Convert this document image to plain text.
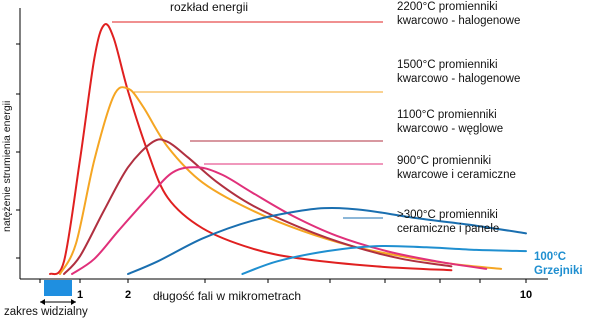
1	2	10
rozkład energii
natężenie strumienia energii
długość fali w mikrometrach
zakres widzialny
2200°C promienniki
kwarcowo - halogenowe
1500°C promienniki
kwarcowo - halogenowe
1100°C promienniki
kwarcowo - węglowe
900°C promienniki
kwarcowe i ceramiczne
>300°C promienniki
ceramiczne i panele
100°C
Grzejniki
